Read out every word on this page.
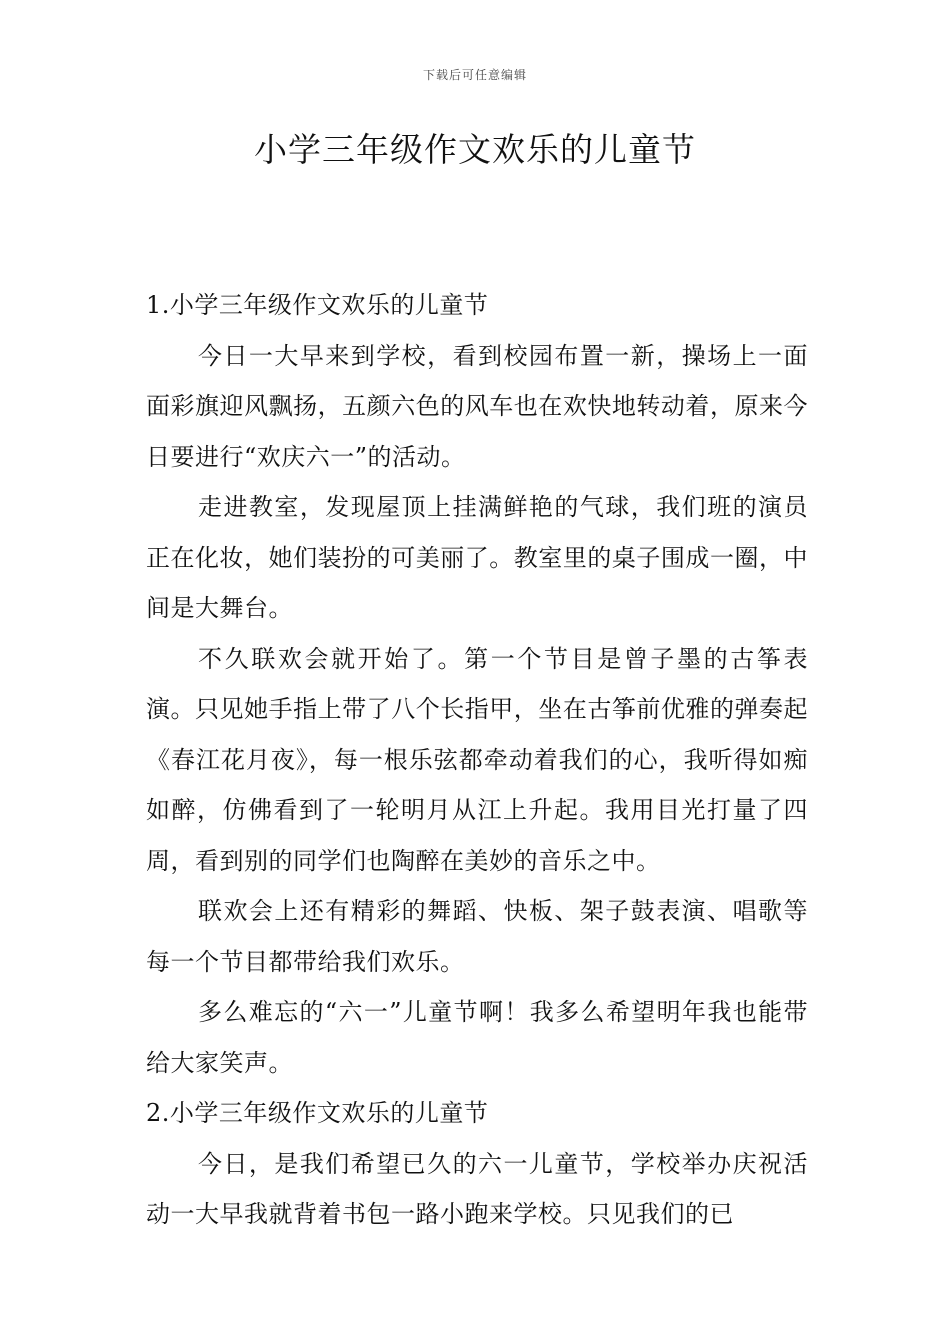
下载后可任意编辑
小学三年级作文欢乐的儿童节

1.小学三年级作文欢乐的儿童节

今日一大早来到学校，看到校园布置一新，操场上一面面彩旗迎风飘扬，五颜六色的风车也在欢快地转动着，原来今日要进行“欢庆六一”的活动。

走进教室，发现屋顶上挂满鲜艳的气球，我们班的演员正在化妆，她们装扮的可美丽了。教室里的桌子围成一圈，中间是大舞台。

不久联欢会就开始了。第一个节目是曾子墨的古筝表演。只见她手指上带了八个长指甲，坐在古筝前优雅的弹奏起《春江花月夜》，每一根乐弦都牵动着我们的心，我听得如痴如醉，仿佛看到了一轮明月从江上升起。我用目光打量了四周，看到别的同学们也陶醉在美妙的音乐之中。

联欢会上还有精彩的舞蹈、快板、架子鼓表演、唱歌等每一个节目都带给我们欢乐。

多么难忘的“六一”儿童节啊！我多么希望明年我也能带给大家笑声。

2.小学三年级作文欢乐的儿童节

今日，是我们希望已久的六一儿童节，学校举办庆祝活动一大早我就背着书包一路小跑来学校。只见我们的已
